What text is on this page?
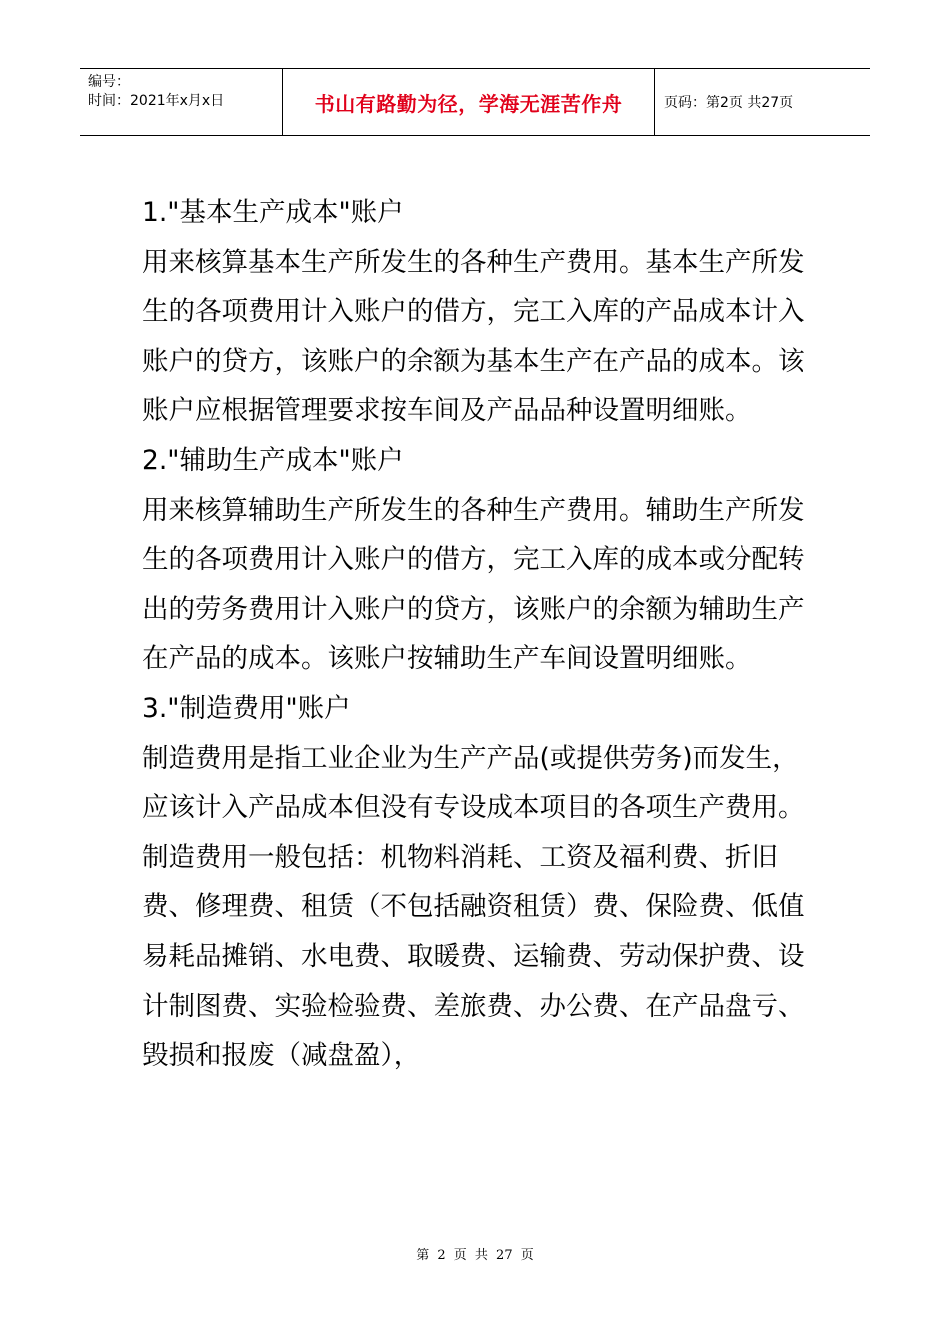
编号：
时间：2021年x月x日	书山有路勤为径，学海无涯苦作舟	页码：第2页 共27页

1."基本生产成本"账户

用来核算基本生产所发生的各种生产费用。基本生产所发生的各项费用计入账户的借方，完工入库的产品成本计入账户的贷方，该账户的余额为基本生产在产品的成本。该账户应根据管理要求按车间及产品品种设置明细账。

2."辅助生产成本"账户

用来核算辅助生产所发生的各种生产费用。辅助生产所发生的各项费用计入账户的借方，完工入库的成本或分配转出的劳务费用计入账户的贷方，该账户的余额为辅助生产在产品的成本。该账户按辅助生产车间设置明细账。

3."制造费用"账户

制造费用是指工业企业为生产产品(或提供劳务)而发生，应该计入产品成本但没有专设成本项目的各项生产费用。制造费用一般包括：机物料消耗、工资及福利费、折旧费、修理费、租赁（不包括融资租赁）费、保险费、低值易耗品摊销、水电费、取暖费、运输费、劳动保护费、设计制图费、实验检验费、差旅费、办公费、在产品盘亏、毁损和报废（减盘盈），

第 2 页 共 27 页
